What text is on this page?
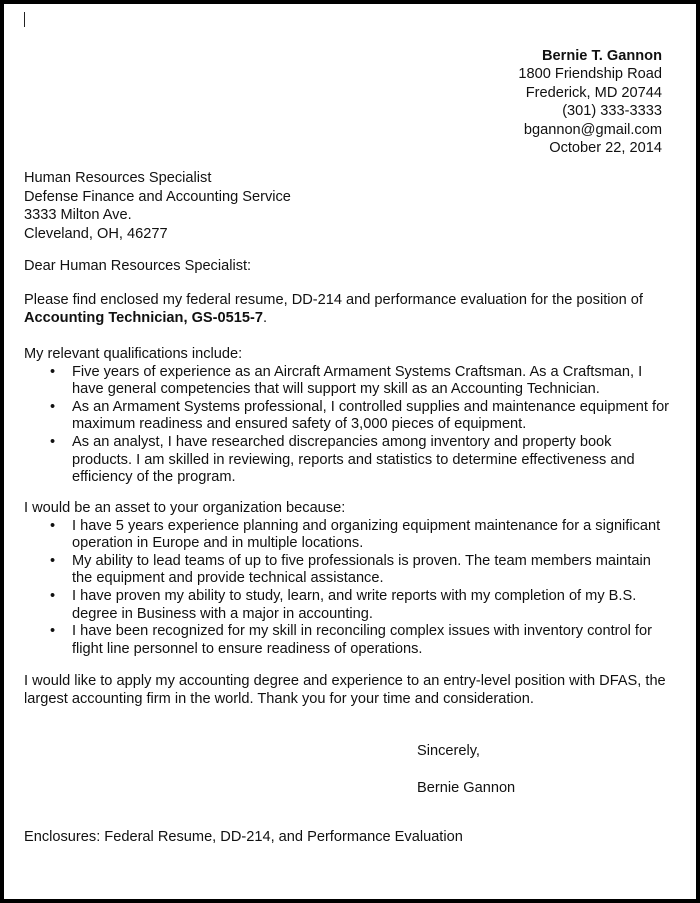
Bernie T. Gannon
1800 Friendship Road
Frederick, MD 20744
(301) 333-3333
bgannon@gmail.com
October 22, 2014
Human Resources Specialist
Defense Finance and Accounting Service
3333 Milton Ave.
Cleveland, OH, 46277
Dear Human Resources Specialist:
Please find enclosed my federal resume, DD-214 and performance evaluation for the position of Accounting Technician, GS-0515-7.
My relevant qualifications include:
• Five years of experience as an Aircraft Armament Systems Craftsman. As a Craftsman, I have general competencies that will support my skill as an Accounting Technician.
• As an Armament Systems professional, I controlled supplies and maintenance equipment for maximum readiness and ensured safety of 3,000 pieces of equipment.
• As an analyst, I have researched discrepancies among inventory and property book products. I am skilled in reviewing, reports and statistics to determine effectiveness and efficiency of the program.
I would be an asset to your organization because:
• I have 5 years experience planning and organizing equipment maintenance for a significant operation in Europe and in multiple locations.
• My ability to lead teams of up to five professionals is proven. The team members maintain the equipment and provide technical assistance.
• I have proven my ability to study, learn, and write reports with my completion of my B.S. degree in Business with a major in accounting.
• I have been recognized for my skill in reconciling complex issues with inventory control for flight line personnel to ensure readiness of operations.
I would like to apply my accounting degree and experience to an entry-level position with DFAS, the largest accounting firm in the world. Thank you for your time and consideration.
Sincerely,
Bernie Gannon
Enclosures: Federal Resume, DD-214, and Performance Evaluation
